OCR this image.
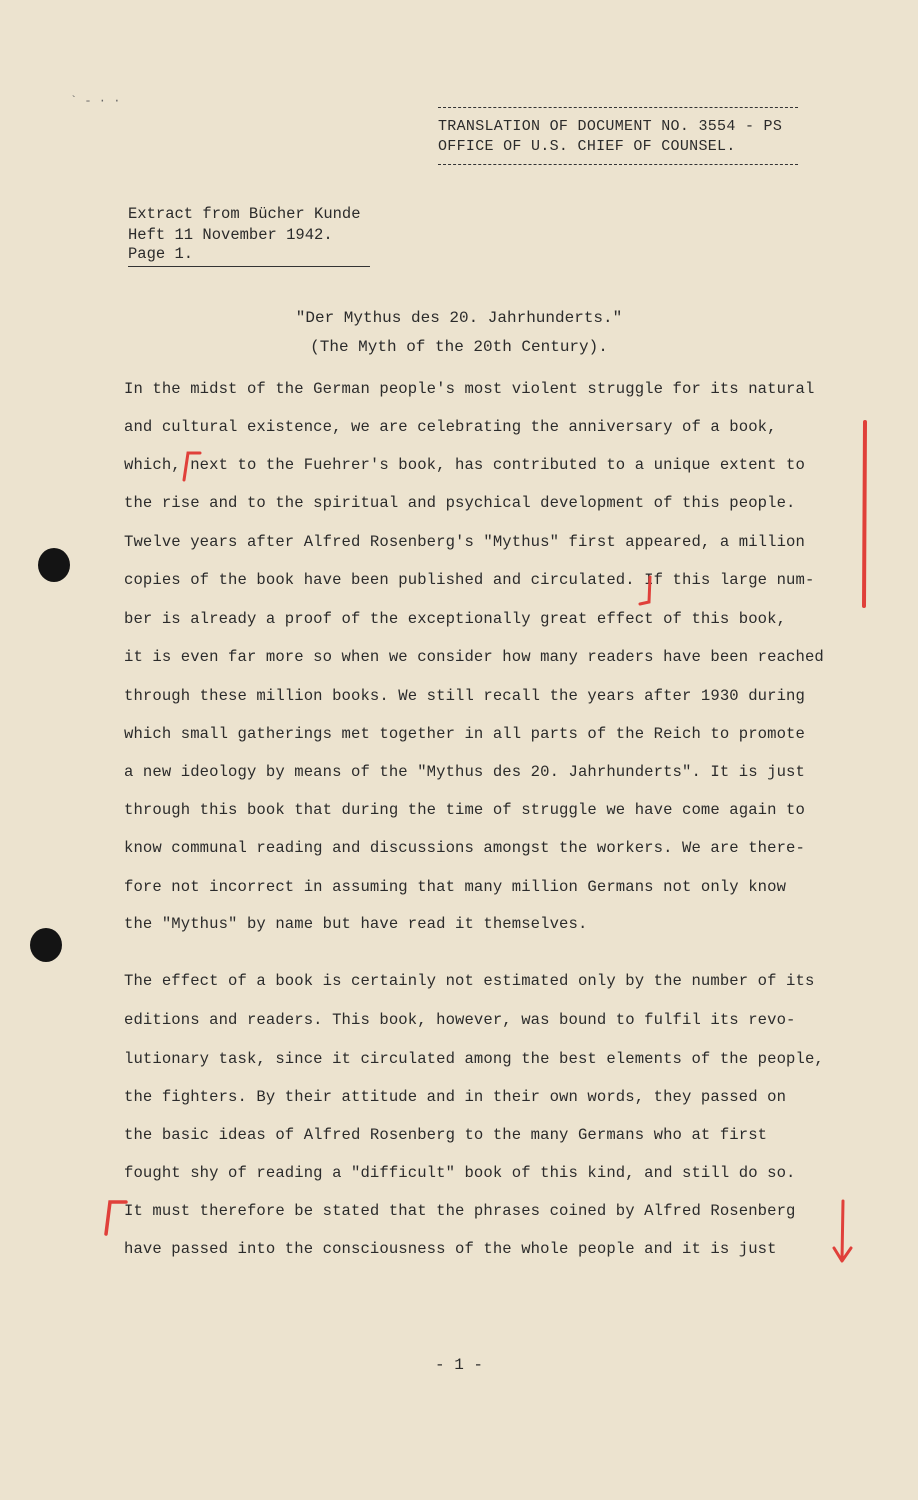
` - · ·
TRANSLATION OF DOCUMENT NO. 3554 - PS
OFFICE OF U.S. CHIEF OF COUNSEL.
Extract from Bücher Kunde
Heft 11 November 1942.
Page 1.
"Der Mythus des 20. Jahrhunderts."
(The Myth of the 20th Century).
In the midst of the German people's most violent struggle for its natural
and cultural existence, we are celebrating the anniversary of a book,
which, next to the Fuehrer's book, has contributed to a unique extent to
the rise and to the spiritual and psychical development of this people.
Twelve years after Alfred Rosenberg's "Mythus" first appeared, a million
copies of the book have been published and circulated. If this large num-
ber is already a proof of the exceptionally great effect of this book,
it is even far more so when we consider how many readers have been reached
through these million books. We still recall the years after 1930 during
which small gatherings met together in all parts of the Reich to promote
a new ideology by means of the "Mythus des 20. Jahrhunderts". It is just
through this book that during the time of struggle we have come again to
know communal reading and discussions amongst the workers. We are there-
fore not incorrect in assuming that many million Germans not only know
the "Mythus" by name but have read it themselves.
The effect of a book is certainly not estimated only by the number of its
editions and readers. This book, however, was bound to fulfil its revo-
lutionary task, since it circulated among the best elements of the people,
the fighters. By their attitude and in their own words, they passed on
the basic ideas of Alfred Rosenberg to the many Germans who at first
fought shy of reading a "difficult" book of this kind, and still do so.
It must therefore be stated that the phrases coined by Alfred Rosenberg
have passed into the consciousness of the whole people and it is just
- 1 -
